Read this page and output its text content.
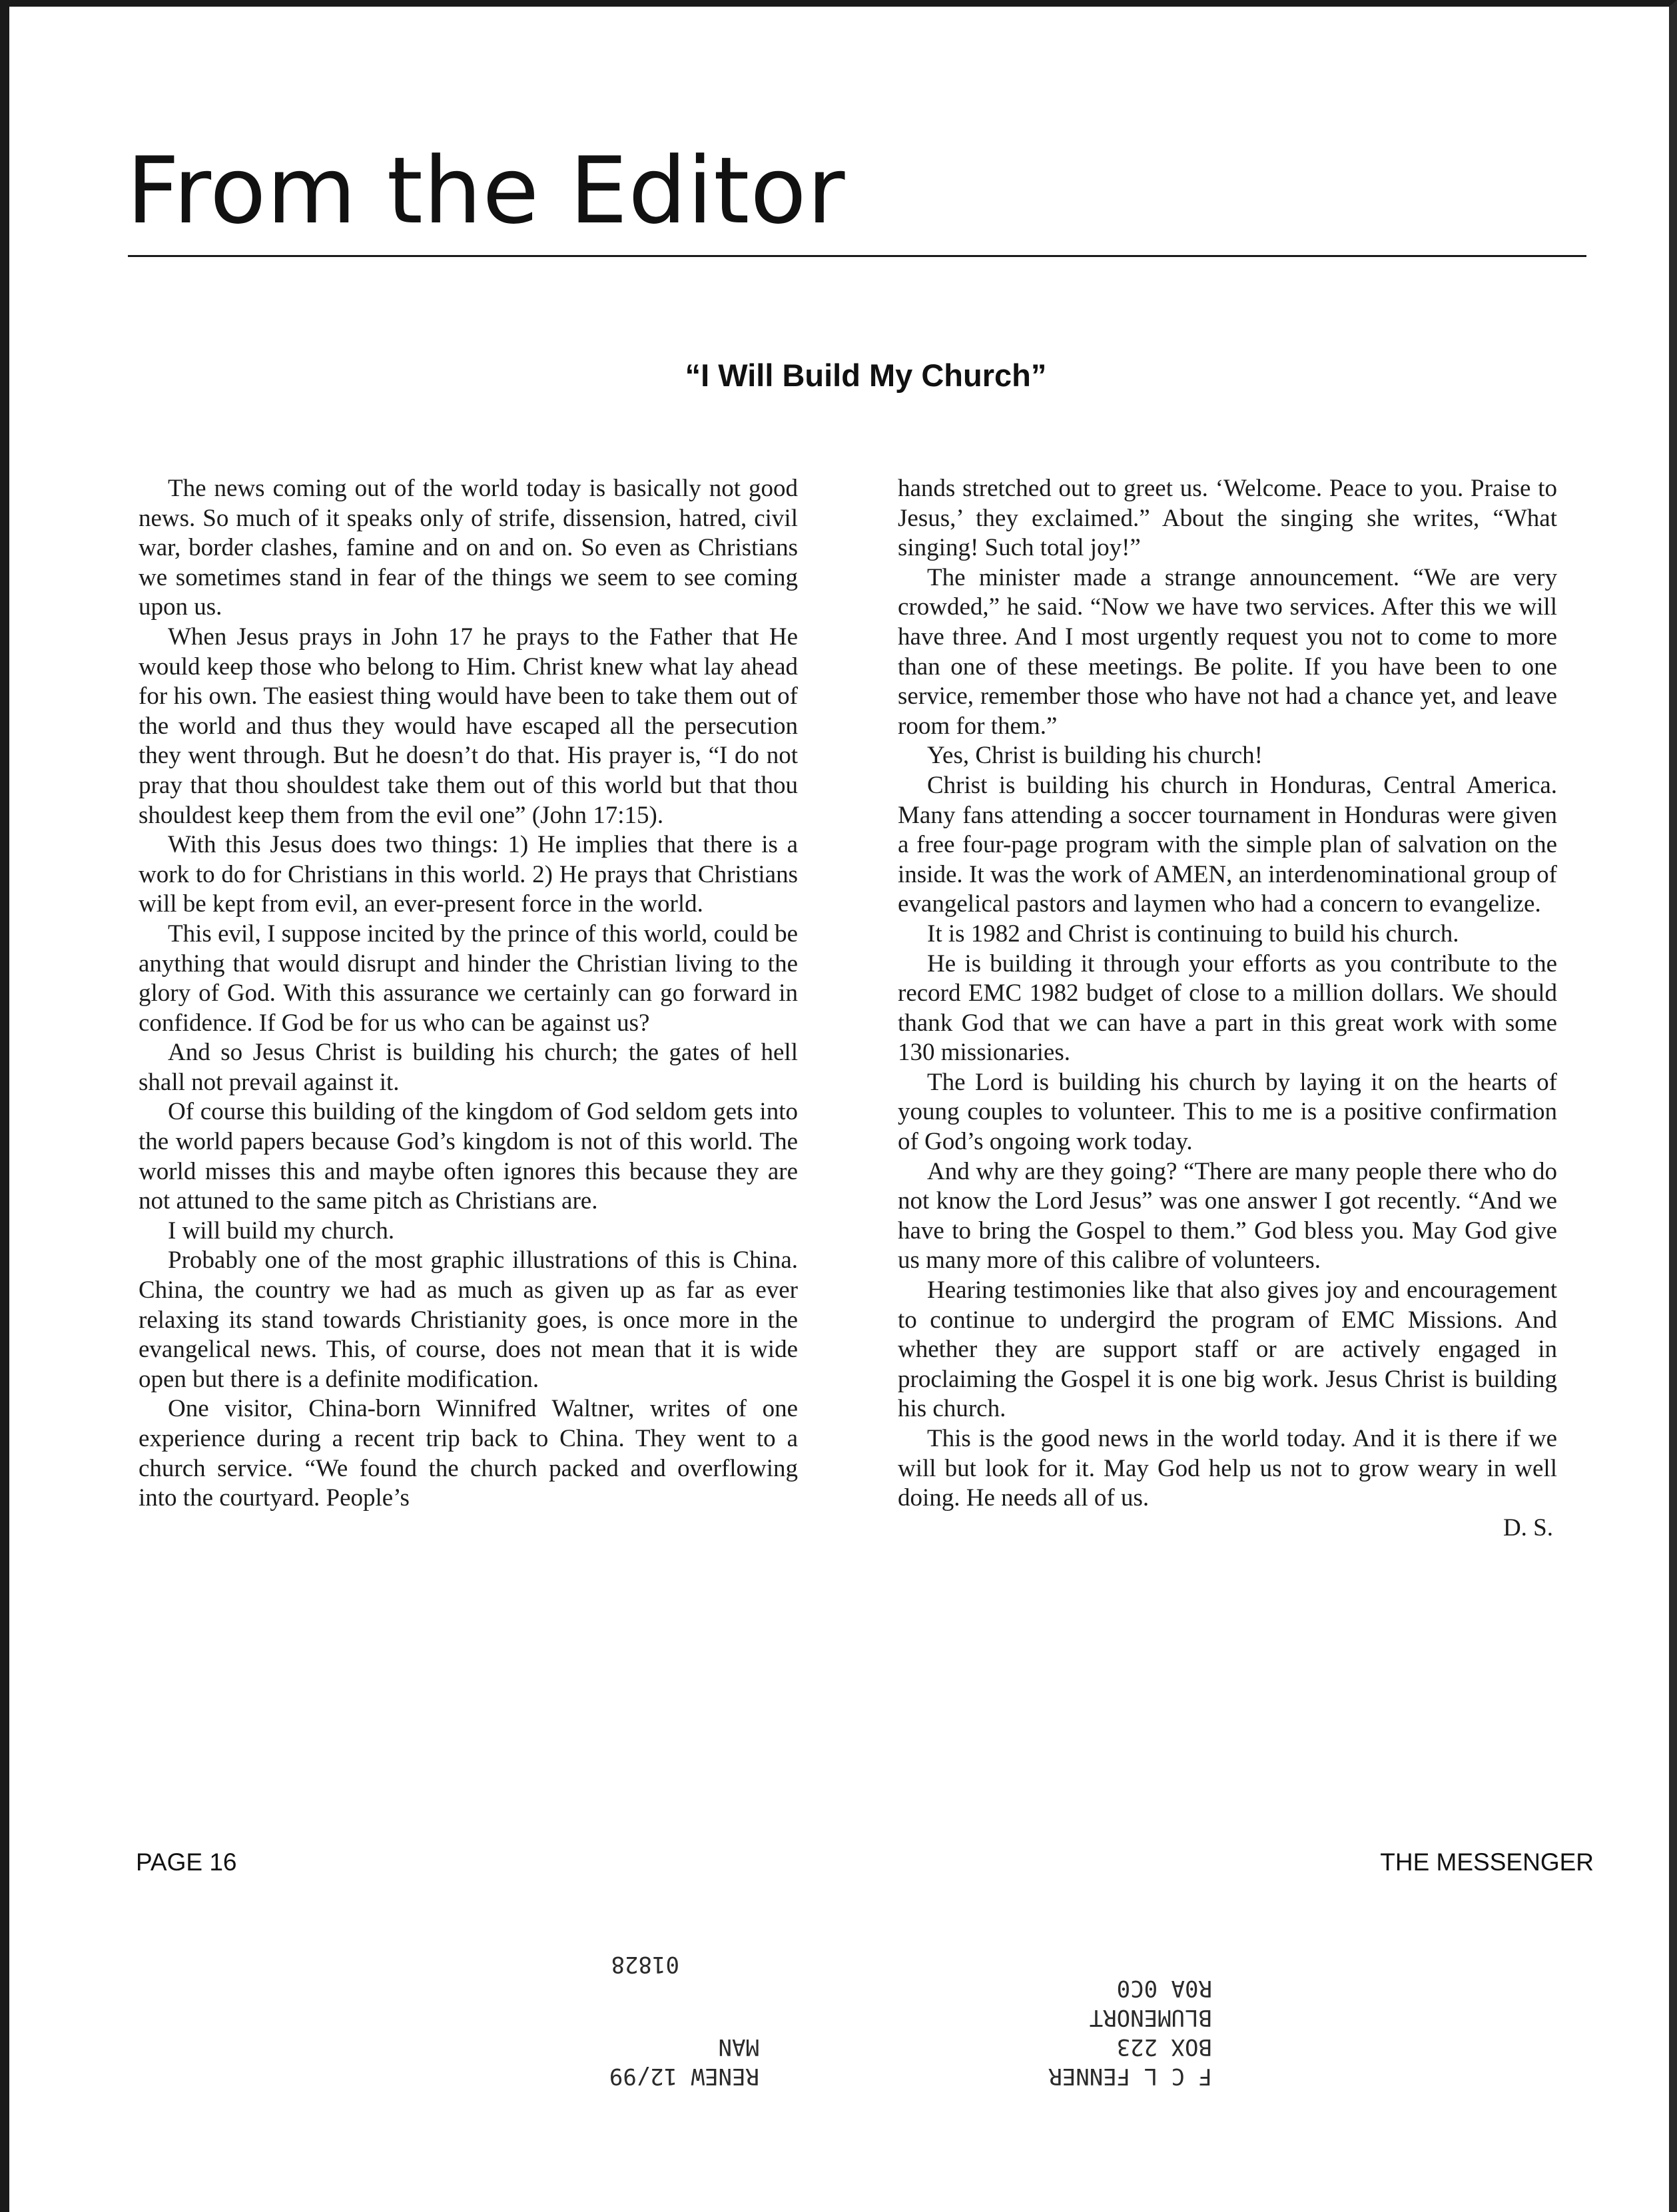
From the Editor
“I Will Build My Church”

The news coming out of the world today is basically not good news. So much of it speaks only of strife, dissension, hatred, civil war, border clashes, famine and on and on. So even as Christians we sometimes stand in fear of the things we seem to see coming upon us.

When Jesus prays in John 17 he prays to the Father that He would keep those who belong to Him. Christ knew what lay ahead for his own. The easiest thing would have been to take them out of the world and thus they would have escaped all the persecution they went through. But he doesn’t do that. His prayer is, “I do not pray that thou shouldest take them out of this world but that thou shouldest keep them from the evil one” (John 17:15).

With this Jesus does two things: 1) He implies that there is a work to do for Christians in this world. 2) He prays that Christians will be kept from evil, an ever-present force in the world.

This evil, I suppose incited by the prince of this world, could be anything that would disrupt and hinder the Christian living to the glory of God. With this assurance we certainly can go forward in confidence. If God be for us who can be against us?

And so Jesus Christ is building his church; the gates of hell shall not prevail against it.

Of course this building of the kingdom of God seldom gets into the world papers because God’s kingdom is not of this world. The world misses this and maybe often ignores this because they are not attuned to the same pitch as Christians are.

I will build my church.

Probably one of the most graphic illustrations of this is China. China, the country we had as much as given up as far as ever relaxing its stand towards Christianity goes, is once more in the evangelical news. This, of course, does not mean that it is wide open but there is a definite modification.

One visitor, China-born Winnifred Waltner, writes of one experience during a recent trip back to China. They went to a church service. “We found the church packed and overflowing into the courtyard. People’s

hands stretched out to greet us. ‘Welcome. Peace to you. Praise to Jesus,’ they exclaimed.” About the singing she writes, “What singing! Such total joy!”

The minister made a strange announcement. “We are very crowded,” he said. “Now we have two services. After this we will have three. And I most urgently request you not to come to more than one of these meetings. Be polite. If you have been to one service, remember those who have not had a chance yet, and leave room for them.”

Yes, Christ is building his church!

Christ is building his church in Honduras, Central America. Many fans attending a soccer tournament in Honduras were given a free four-page program with the simple plan of salvation on the inside. It was the work of AMEN, an interdenominational group of evangelical pastors and laymen who had a concern to evangelize.

It is 1982 and Christ is continuing to build his church.

He is building it through your efforts as you contribute to the record EMC 1982 budget of close to a million dollars. We should thank God that we can have a part in this great work with some 130 missionaries.

The Lord is building his church by laying it on the hearts of young couples to volunteer. This to me is a positive confirmation of God’s ongoing work today.

And why are they going? “There are many people there who do not know the Lord Jesus” was one answer I got recently. “And we have to bring the Gospel to them.” God bless you. May God give us many more of this calibre of volunteers.

Hearing testimonies like that also gives joy and encouragement to continue to undergird the program of EMC Missions. And whether they are support staff or are actively engaged in proclaiming the Gospel it is one big work. Jesus Christ is building his church.

This is the good news in the world today. And it is there if we will but look for it. May God help us not to grow weary in well doing. He needs all of us.

D. S.

PAGE 16	THE MESSENGER
F C L FENNER
BOX 223
BLUMENORT
R0A 0C0
RENEW 12/99
MAN
01828
